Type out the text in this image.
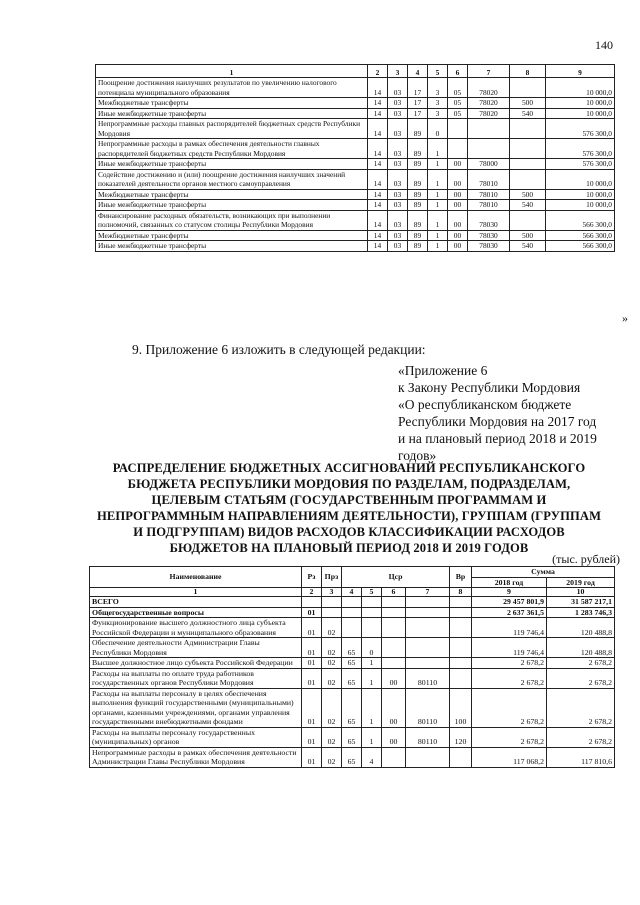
140
1	2	3	4	5	6	7	8	9
Поощрение достижения наилучших результатов по увеличению налогового потенциала муниципального образования	14	03	17	3	05	78020		10 000,0
Межбюджетные трансферты	14	03	17	3	05	78020	500	10 000,0
Иные межбюджетные трансферты	14	03	17	3	05	78020	540	10 000,0
Непрограммные расходы главных распорядителей бюджетных средств Республики Мордовия	14	03	89	0				576 300,0
Непрограммные расходы в рамках обеспечения деятельности главных распорядителей бюджетных средств Республики Мордовия	14	03	89	1				576 300,0
Иные межбюджетные трансферты	14	03	89	1	00	78000		576 300,0
Содействие достижению и (или) поощрение достижения наилучших значений показателей деятельности органов местного самоуправления	14	03	89	1	00	78010		10 000,0
Межбюджетные трансферты	14	03	89	1	00	78010	500	10 000,0
Иные межбюджетные трансферты	14	03	89	1	00	78010	540	10 000,0
Финансирование расходных обязательств, возникающих при выполнении полномочий, связанных со статусом столицы Республики Мордовия	14	03	89	1	00	78030		566 300,0
Межбюджетные трансферты	14	03	89	1	00	78030	500	566 300,0
Иные межбюджетные трансферты	14	03	89	1	00	78030	540	566 300,0
»
9. Приложение 6 изложить в следующей редакции:
«Приложение 6
к Закону Республики Мордовия
«О республиканском бюджете
Республики Мордовия на 2017 год
и на плановый период 2018 и 2019
годов»
РАСПРЕДЕЛЕНИЕ БЮДЖЕТНЫХ АССИГНОВАНИЙ РЕСПУБЛИКАНСКОГО
БЮДЖЕТА РЕСПУБЛИКИ МОРДОВИЯ ПО РАЗДЕЛАМ, ПОДРАЗДЕЛАМ,
ЦЕЛЕВЫМ СТАТЬЯМ (ГОСУДАРСТВЕННЫМ ПРОГРАММАМ И
НЕПРОГРАММНЫМ НАПРАВЛЕНИЯМ ДЕЯТЕЛЬНОСТИ), ГРУППАМ (ГРУППАМ
И ПОДГРУППАМ) ВИДОВ РАСХОДОВ КЛАССИФИКАЦИИ РАСХОДОВ
БЮДЖЕТОВ НА ПЛАНОВЫЙ ПЕРИОД 2018 И 2019 ГОДОВ
(тыс. рублей)
Наименование	Рз	Прз	Цср				Вр	Сумма	
								2018 год	2019 год
1	2	3	4	5	6	7	8	9	10
ВСЕГО								29 457 801,9	31 587 217,1
Общегосударственные вопросы	01							2 637 361,5	1 283 746,3
Функционирование высшего должностного лица субъекта Российской Федерации и муниципального образования	01	02						119 746,4	120 488,8
Обеспечение деятельности Администрации Главы Республики Мордовия	01	02	65	0				119 746,4	120 488,8
Высшее должностное лицо субъекта Российской Федерации	01	02	65	1				2 678,2	2 678,2
Расходы на выплаты по оплате труда работников государственных органов Республики Мордовия	01	02	65	1	00	80110		2 678,2	2 678,2
Расходы на выплаты персоналу в целях обеспечения выполнения функций государственными (муниципальными) органами, казенными учреждениями, органами управления государственными внебюджетными фондами	01	02	65	1	00	80110	100	2 678,2	2 678,2
Расходы на выплаты персоналу государственных (муниципальных) органов	01	02	65	1	00	80110	120	2 678,2	2 678,2
Непрограммные расходы в рамках обеспечения деятельности Администрации Главы Республики Мордовия	01	02	65	4				117 068,2	117 810,6
